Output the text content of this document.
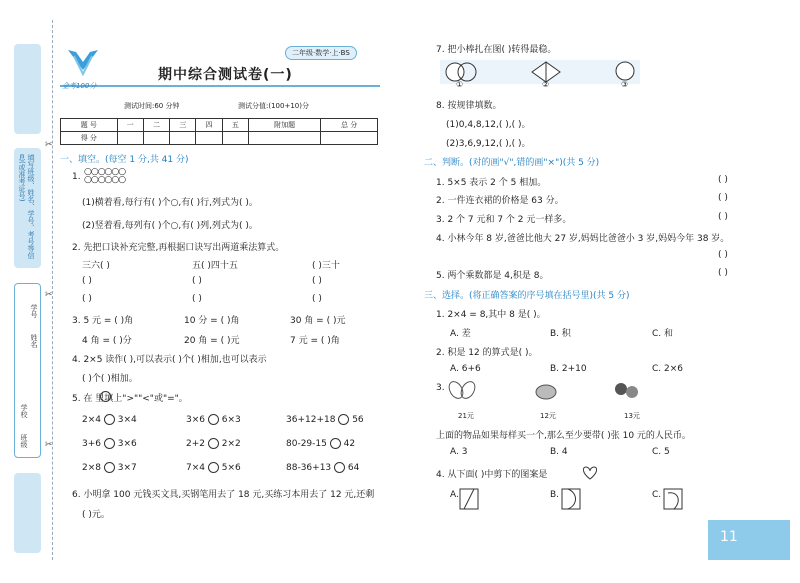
填写班级、姓名、学号、考号等信息(或准考证号)
学校
班级
姓名
学号
✂
✂
✂
金考100分
二年级·数学·上·BS
期中综合测试卷(一)
测试时间:60 分钟	测试分值:(100+10)分
题 号	一	二	三	四	五	附加题	总 分
得 分							
一、填空。(每空 1 分,共 41 分)
1. ○○○○○○
○○○○○○
(1)横着看,每行有( )个○,有( )行,列式为( )。
(2)竖着看,每列有( )个○,有( )列,列式为( )。
2. 先把口诀补充完整,再根据口诀写出两道乘法算式。
三六( )	五( )四十五	( )三十
( )	( )	( )
( )	( )	( )
3. 5 元 = ( )角	10 分 = ( )角	30 角 = ( )元
4 角 = ( )分	20 角 = ( )元	7 元 = ( )角
4. 2×5 读作( ),可以表示( )个( )相加,也可以表示
( )个( )相加。
5. 在 里填上">""<"或"="。
2×4 3×4	3×6 6×3	36+12+18 56
3+6 3×6	2+2 2×2	80-29-15 42
2×8 3×7	7×4 5×6	88-36+13 64
6. 小明拿 100 元钱买文具,买钢笔用去了 18 元,买练习本用去了 12 元,还剩
( )元。
7. 把小棒扎在图( )转得最稳。
①	②	③
8. 按规律填数。
(1)0,4,8,12,( ),( )。
(2)3,6,9,12,( ),( )。
二、判断。(对的画"√",错的画"×")(共 5 分)
1. 5×5 表示 2 个 5 相加。	( )
2. 一件连衣裙的价格是 63 分。	( )
3. 2 个 7 元和 7 个 2 元一样多。	( )
4. 小林今年 8 岁,爸爸比他大 27 岁,妈妈比爸爸小 3 岁,妈妈今年 38 岁。
( )
5. 两个乘数都是 4,积是 8。	( )
三、选择。(将正确答案的序号填在括号里)(共 5 分)
1. 2×4 = 8,其中 8 是( )。
A. 差	B. 积	C. 和
2. 积是 12 的算式是( )。
A. 6+6	B. 2+10	C. 2×6
3.
21元	12元	13元
上面的物品如果每样买一个,那么至少要带( )张 10 元的人民币。
A. 3	B. 4	C. 5
4. 从下面( )中剪下的图案是
A.	B.	C.
11
